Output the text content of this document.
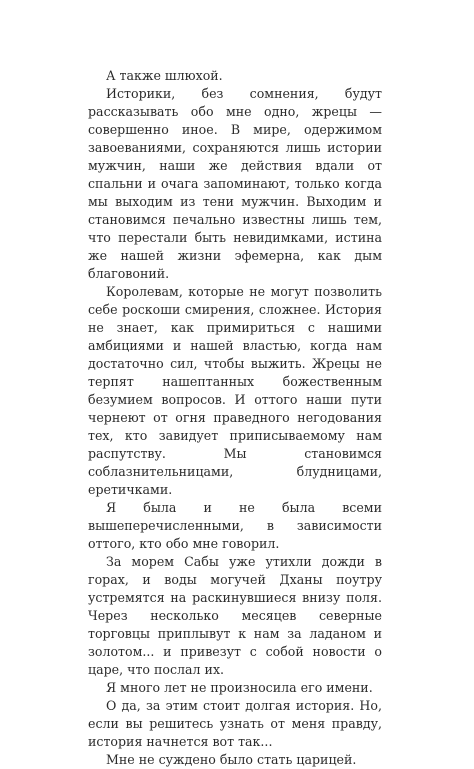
А также шлюхой.

Историки, без сомнения, будут рассказывать обо мне одно, жрецы — совершенно иное. В мире, одержимом завоеваниями, сохраняются лишь истории мужчин, наши же действия вдали от спальни и очага запоминают, только когда мы выходим из тени мужчин. Выходим и становимся печально известны лишь тем, что перестали быть невидимками, истина же нашей жизни эфемерна, как дым благовоний.

Королевам, которые не могут позволить себе роскоши смирения, сложнее. История не знает, как примириться с нашими амбициями и нашей властью, когда нам достаточно сил, чтобы выжить. Жрецы не терпят нашептанных божественным безумием вопросов. И оттого наши пути чернеют от огня праведного негодования тех, кто завидует приписываемому нам распутству. Мы становимся соблазнительницами, блудницами, еретичками.

Я была и не была всеми вышеперечисленными, в зависимости оттого, кто обо мне говорил.

За морем Сабы уже утихли дожди в горах, и воды могучей Дханы поутру устремятся на раскинувшиеся внизу поля. Через несколько месяцев северные торговцы приплывут к нам за ладаном и золотом... и привезут с собой новости о царе, что послал их.

Я много лет не произносила его имени.

О да, за этим стоит долгая история. Но, если вы решитесь узнать от меня правду, история начнется вот так...

Мне не суждено было стать царицей.
